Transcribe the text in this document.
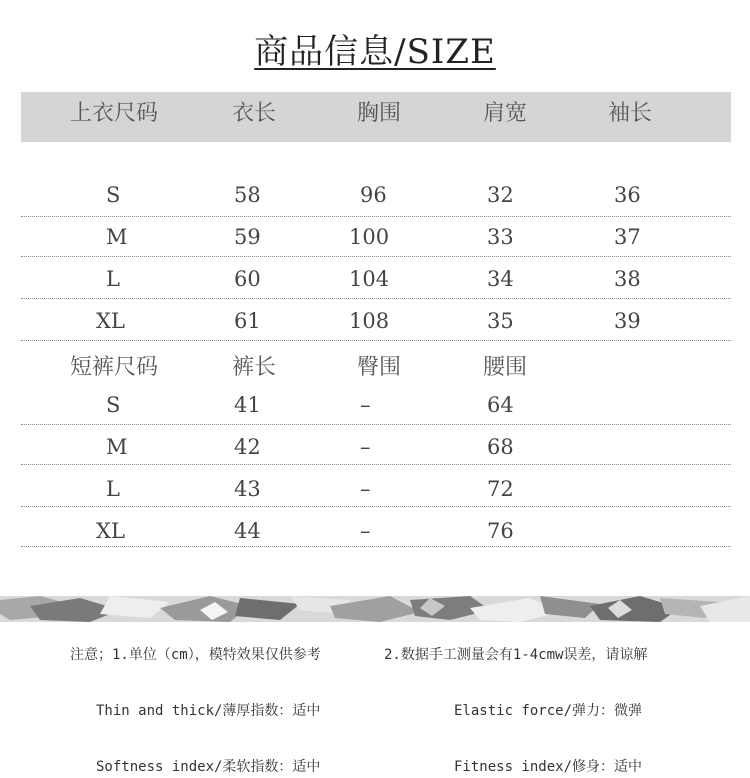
商品信息/SIZE
上衣尺码	衣长	胸围	肩宽	袖长
S	58	96	32	36
M	59	100	33	37
L	60	104	34	38
XL	61	108	35	39
短裤尺码	裤长	臀围	腰围
S	41	–	64
M	42	–	68
L	43	–	72
XL	44	–	76
注意；1.单位（cm），模特效果仅供参考	2.数据手工测量会有1-4cmw误差，请谅解
Thin and thick/薄厚指数：适中	Elastic force/弹力：微弹
Softness index/柔软指数：适中	Fitness index/修身：适中
